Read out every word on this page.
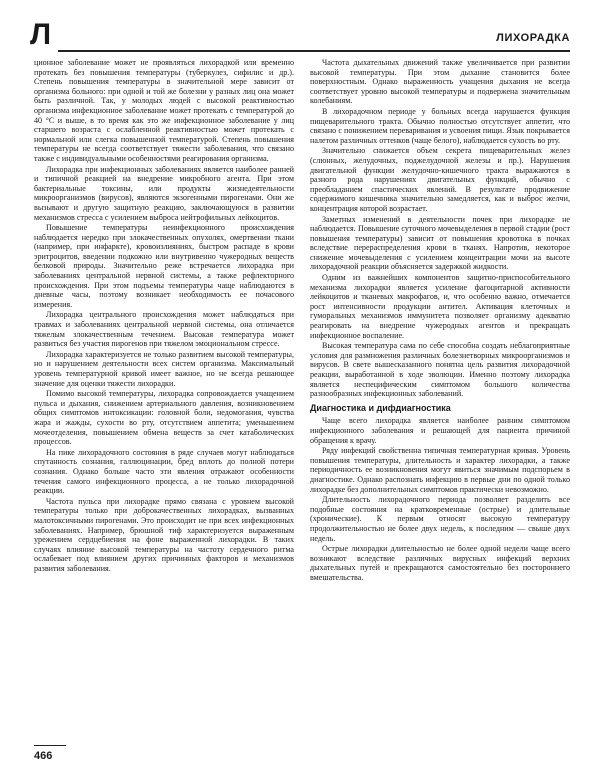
Л	ЛИХОРАДКА

ционное заболевание может не проявляться лихорадкой или временно протекать без повышения температуры (туберкулез, сифилис и др.). Степень повышения температуры в значительной мере зависит от организма больного: при одной и той же болезни у разных лиц она может быть различной. Так, у молодых людей с высокой реактивностью организма инфекционное заболевание может протекать с температурой до 40 °С и выше, в то время как это же инфекционное заболевание у лиц старшего возраста с ослабленной реактивностью может протекать с нормальной или слегка повышенной температурой. Степень повышения температуры не всегда соответствует тяжести заболевания, что связано также с индивидуальными особенностями реагирования организма.

Лихорадка при инфекционных заболеваниях является наиболее ранней и типичной реакцией на внедрение микробного агента. При этом бактериальные токсины, или продукты жизнедеятельности микроорганизмов (вирусов), являются экзогенными пирогенами. Они же вызывают и другую защитную реакцию, заключающуюся в развитии механизмов стресса с усилением выброса нейтрофильных лейкоцитов.

Повышение температуры неинфекционного происхождения наблюдается нередко при злокачественных опухолях, омертвении ткани (например, при инфаркте), кровоизлияниях, быстром распаде в крови эритроцитов, введении подкожно или внутривенно чужеродных веществ белковой природы. Значительно реже встречается лихорадка при заболеваниях центральной нервной системы, а также рефлекторного происхождения. При этом подъемы температуры чаще наблюдаются в дневные часы, поэтому возникает необходимость ее почасового измерения.

Лихорадка центрального происхождения может наблюдаться при травмах и заболеваниях центральной нервной системы, она отличается тяжелым злокачественным течением. Высокая температура может развиться без участия пирогенов при тяжелом эмоциональном стрессе.

Лихорадка характеризуется не только развитием высокой температуры, но и нарушением деятельности всех систем организма. Максимальный уровень температурной кривой имеет важное, но не всегда решающее значение для оценки тяжести лихорадки.

Помимо высокой температуры, лихорадка сопровождается учащением пульса и дыхания, снижением артериального давления, возникновением общих симптомов интоксикации: головной боли, недомогания, чувства жара и жажды, сухости во рту, отсутствием аппетита; уменьшением мочеотделения, повышением обмена веществ за счет катаболических процессов.

На пике лихорадочного состояния в ряде случаев могут наблюдаться спутанность сознания, галлюцинации, бред вплоть до полной потери сознания. Однако больше часто эти явления отражают особенности течения самого инфекционного процесса, а не только лихорадочной реакции.

Частота пульса при лихорадке прямо связана с уровнем высокой температуры только при доброкачественных лихорадках, вызванных малотоксичными пирогенами. Это происходит не при всех инфекционных заболеваниях. Например, брюшной тиф характеризуется выраженным урежением сердцебиения на фоне выраженной лихорадки. В таких случаях влияние высокой температуры на частоту сердечного ритма ослабевает под влиянием других причинных факторов и механизмов развития заболевания.

Частота дыхательных движений также увеличивается при развитии высокой температуры. При этом дыхание становится более поверхностным. Однако выраженность учащения дыхания не всегда соответствует уровню высокой температуры и подвержена значительным колебаниям.

В лихорадочном периоде у больных всегда нарушается функция пищеварительного тракта. Обычно полностью отсутствует аппетит, что связано с понижением переваривания и усвоения пищи. Язык покрывается налетом различных оттенков (чаще белого), наблюдается сухость во рту.

Значительно снижается объем секрета пищеварительных желез (слюнных, желудочных, поджелудочной железы и пр.). Нарушения двигательной функции желудочно-кишечного тракта выражаются в разного рода нарушениях двигательных функций, обычно с преобладанием спастических явлений. В результате продвижение содержимого кишечника значительно замедляется, как и выброс желчи, концентрация которой возрастает.

Заметных изменений в деятельности почек при лихорадке не наблюдается. Повышение суточного мочевыделения в первой стадии (рост повышения температуры) зависит от повышения кровотока в почках вследствие перераспределения крови в тканях. Напротив, некоторое снижение мочевыделения с усилением концентрации мочи на высоте лихорадочной реакции объясняется задержкой жидкости.

Одним из важнейших компонентов защитно-приспособительного механизма лихорадки является усиление фагоцитарной активности лейкоцитов и тканевых макрофагов, и, что особенно важно, отмечается рост интенсивности продукции антител. Активация клеточных и гуморальных механизмов иммунитета позволяет организму адекватно реагировать на внедрение чужеродных агентов и прекращать инфекционное воспаление.

Высокая температура сама по себе способна создать неблагоприятные условия для размножения различных болезнетворных микроорганизмов и вирусов. В свете вышесказанного понятна цель развития лихорадочной реакции, выработанной в ходе эволюции. Именно поэтому лихорадка является неспецифическим симптомом большого количества разнообразных инфекционных заболеваний.

Диагностика и дифдиагностика

Чаще всего лихорадка является наиболее ранним симптомом инфекционного заболевания и решающей для пациента причиной обращения к врачу.

Ряду инфекций свойственна типичная температурная кривая. Уровень повышения температуры, длительность и характер лихорадки, а также периодичность ее возникновения могут явиться значимым подспорьем в диагностике. Однако распознать инфекцию в первые дни по одной только лихорадке без дополнительных симптомов практически невозможно.

Длительность лихорадочного периода позволяет разделить все подобные состояния на кратковременные (острые) и длительные (хронические). К первым относят высокую температуру продолжительностью не более двух недель, к последним — свыше двух недель.

Острые лихорадки длительностью не более одной недели чаще всего возникают вследствие различных вирусных инфекций верхних дыхательных путей и прекращаются самостоятельно без постороннего вмешательства.

466
